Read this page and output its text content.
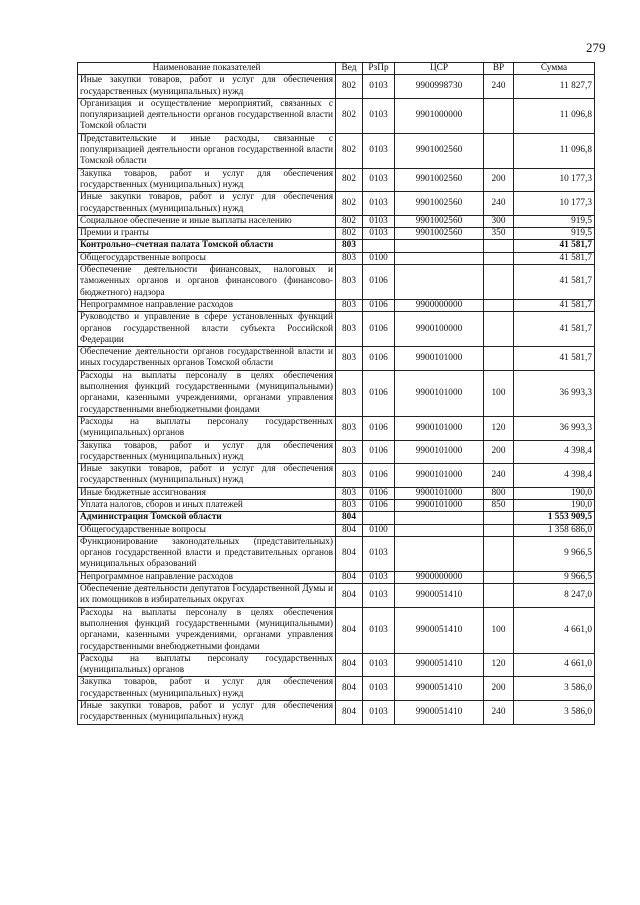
279
Наименование показателей	Вед	РзПр	ЦСР	ВР	Сумма
Иные закупки товаров, работ и услуг для обеспечения государственных (муниципальных) нужд	802	0103	9900998730	240	11 827,7
Организация и осуществление мероприятий, связанных с популяризацией деятельности органов государственной власти Томской области	802	0103	9901000000		11 096,8
Представительские и иные расходы, связанные с популяризацией деятельности органов государственной власти Томской области	802	0103	9901002560		11 096,8
Закупка товаров, работ и услуг для обеспечения государственных (муниципальных) нужд	802	0103	9901002560	200	10 177,3
Иные закупки товаров, работ и услуг для обеспечения государственных (муниципальных) нужд	802	0103	9901002560	240	10 177,3
Социальное обеспечение и иные выплаты населению	802	0103	9901002560	300	919,5
Премии и гранты	802	0103	9901002560	350	919,5
Контрольно–счетная палата Томской области	803				41 581,7
Общегосударственные вопросы	803	0100			41 581,7
Обеспечение деятельности финансовых, налоговых и таможенных органов и органов финансового (финансово-бюджетного) надзора	803	0106			41 581,7
Непрограммное направление расходов	803	0106	9900000000		41 581,7
Руководство и управление в сфере установленных функций органов государственной власти субъекта Российской Федерации	803	0106	9900100000		41 581,7
Обеспечение деятельности органов государственной власти и иных государственных органов Томской области	803	0106	9900101000		41 581,7
Расходы на выплаты персоналу в целях обеспечения выполнения функций государственными (муниципальными) органами, казенными учреждениями, органами управления государственными внебюджетными фондами	803	0106	9900101000	100	36 993,3
Расходы на выплаты персоналу государственных (муниципальных) органов	803	0106	9900101000	120	36 993,3
Закупка товаров, работ и услуг для обеспечения государственных (муниципальных) нужд	803	0106	9900101000	200	4 398,4
Иные закупки товаров, работ и услуг для обеспечения государственных (муниципальных) нужд	803	0106	9900101000	240	4 398,4
Иные бюджетные ассигнования	803	0106	9900101000	800	190,0
Уплата налогов, сборов и иных платежей	803	0106	9900101000	850	190,0
Администрация Томской области	804				1 553 909,5
Общегосударственные вопросы	804	0100			1 358 686,0
Функционирование законодательных (представительных) органов государственной власти и представительных органов муниципальных образований	804	0103			9 966,5
Непрограммное направление расходов	804	0103	9900000000		9 966,5
Обеспечение деятельности депутатов Государственной Думы и их помощников в избирательных округах	804	0103	9900051410		8 247,0
Расходы на выплаты персоналу в целях обеспечения выполнения функций государственными (муниципальными) органами, казенными учреждениями, органами управления государственными внебюджетными фондами	804	0103	9900051410	100	4 661,0
Расходы на выплаты персоналу государственных (муниципальных) органов	804	0103	9900051410	120	4 661,0
Закупка товаров, работ и услуг для обеспечения государственных (муниципальных) нужд	804	0103	9900051410	200	3 586,0
Иные закупки товаров, работ и услуг для обеспечения государственных (муниципальных) нужд	804	0103	9900051410	240	3 586,0
